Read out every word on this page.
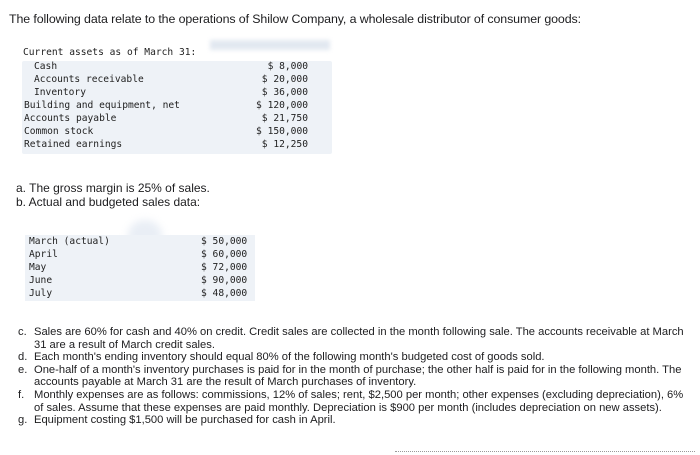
The following data relate to the operations of Shilow Company, a wholesale distributor of consumer goods:
Current assets as of March 31:
Cash	$ 8,000
Accounts receivable	$ 20,000
Inventory	$ 36,000
Building and equipment, net	$ 120,000
Accounts payable	$ 21,750
Common stock	$ 150,000
Retained earnings	$ 12,250
a. The gross margin is 25% of sales.
b. Actual and budgeted sales data:
March (actual)	$ 50,000
April	$ 60,000
May	$ 72,000
June	$ 90,000
July	$ 48,000
c. Sales are 60% for cash and 40% on credit. Credit sales are collected in the month following sale. The accounts receivable at March 31 are a result of March credit sales.
d. Each month's ending inventory should equal 80% of the following month's budgeted cost of goods sold.
e. One-half of a month's inventory purchases is paid for in the month of purchase; the other half is paid for in the following month. The accounts payable at March 31 are the result of March purchases of inventory.
f. Monthly expenses are as follows: commissions, 12% of sales; rent, $2,500 per month; other expenses (excluding depreciation), 6% of sales. Assume that these expenses are paid monthly. Depreciation is $900 per month (includes depreciation on new assets).
g. Equipment costing $1,500 will be purchased for cash in April.
